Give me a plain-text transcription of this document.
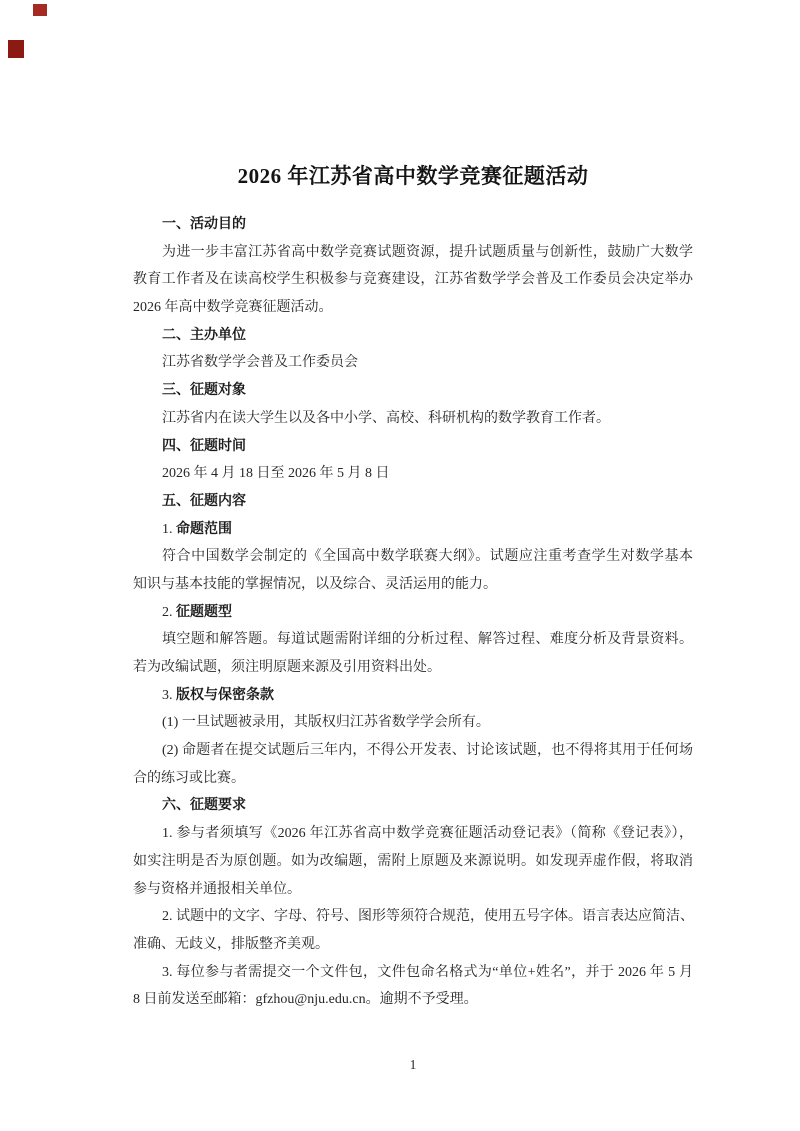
2026 年江苏省高中数学竞赛征题活动
一、活动目的
为进一步丰富江苏省高中数学竞赛试题资源，提升试题质量与创新性，鼓励广大数学
教育工作者及在读高校学生积极参与竞赛建设，江苏省数学学会普及工作委员会决定举办
2026 年高中数学竞赛征题活动。
二、主办单位
江苏省数学学会普及工作委员会
三、征题对象
江苏省内在读大学生以及各中小学、高校、科研机构的数学教育工作者。
四、征题时间
2026 年 4 月 18 日至 2026 年 5 月 8 日
五、征题内容
1. 命题范围
符合中国数学会制定的《全国高中数学联赛大纲》。试题应注重考查学生对数学基本
知识与基本技能的掌握情况，以及综合、灵活运用的能力。
2. 征题题型
填空题和解答题。每道试题需附详细的分析过程、解答过程、难度分析及背景资料。
若为改编试题，须注明原题来源及引用资料出处。
3. 版权与保密条款
(1) 一旦试题被录用，其版权归江苏省数学学会所有。
(2) 命题者在提交试题后三年内，不得公开发表、讨论该试题，也不得将其用于任何场
合的练习或比赛。
六、征题要求
1. 参与者须填写《2026 年江苏省高中数学竞赛征题活动登记表》（简称《登记表》），
如实注明是否为原创题。如为改编题，需附上原题及来源说明。如发现弄虚作假，将取消
参与资格并通报相关单位。
2. 试题中的文字、字母、符号、图形等须符合规范，使用五号字体。语言表达应简洁、
准确、无歧义，排版整齐美观。
3. 每位参与者需提交一个文件包，文件包命名格式为“单位+姓名”，并于 2026 年 5 月
8 日前发送至邮箱：gfzhou@nju.edu.cn。逾期不予受理。
1
